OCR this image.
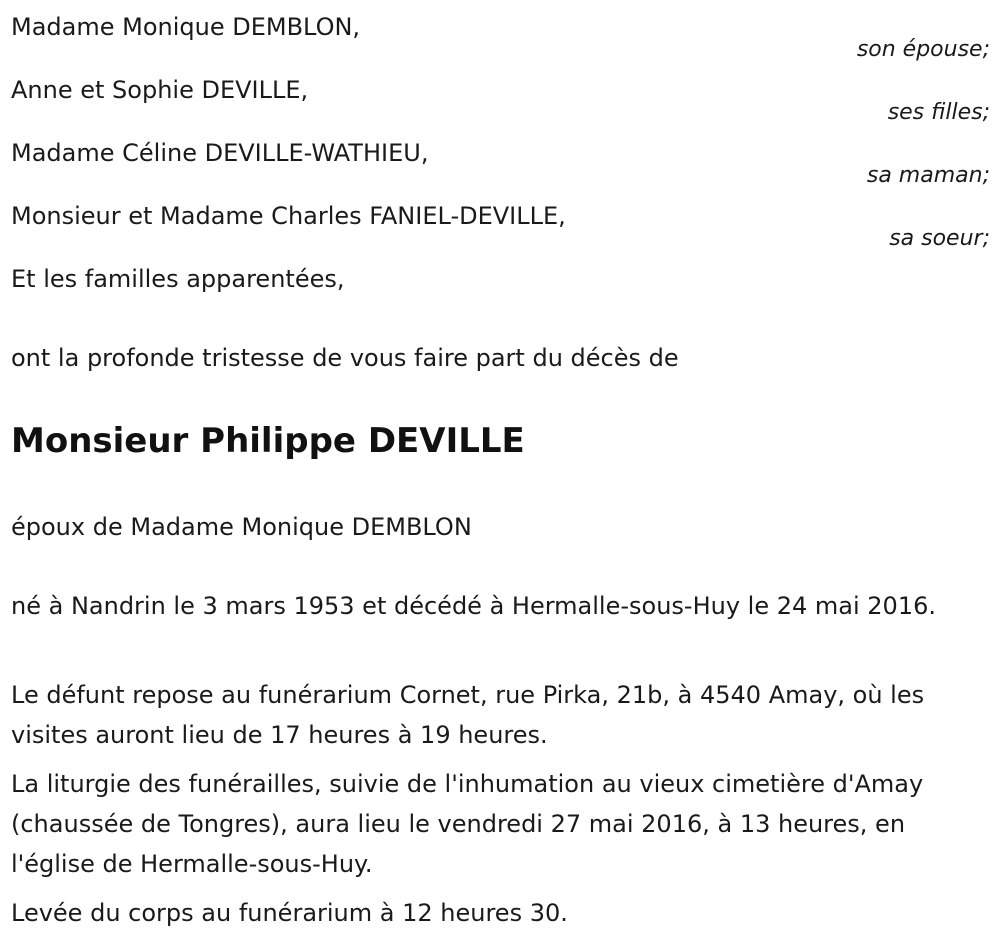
Madame Monique DEMBLON,
son épouse;
Anne et Sophie DEVILLE,
ses filles;
Madame Céline DEVILLE-WATHIEU,
sa maman;
Monsieur et Madame Charles FANIEL-DEVILLE,
sa soeur;
Et les familles apparentées,
ont la profonde tristesse de vous faire part du décès de
Monsieur Philippe DEVILLE
époux de Madame Monique DEMBLON
né à Nandrin le 3 mars 1953 et décédé à Hermalle-sous-Huy le 24 mai 2016.
Le défunt repose au funérarium Cornet, rue Pirka, 21b, à 4540 Amay, où les visites auront lieu de 17 heures à 19 heures.
La liturgie des funérailles, suivie de l'inhumation au vieux cimetière d'Amay (chaussée de Tongres), aura lieu le vendredi 27 mai 2016, à 13 heures, en l'église de Hermalle-sous-Huy.
Levée du corps au funérarium à 12 heures 30.
